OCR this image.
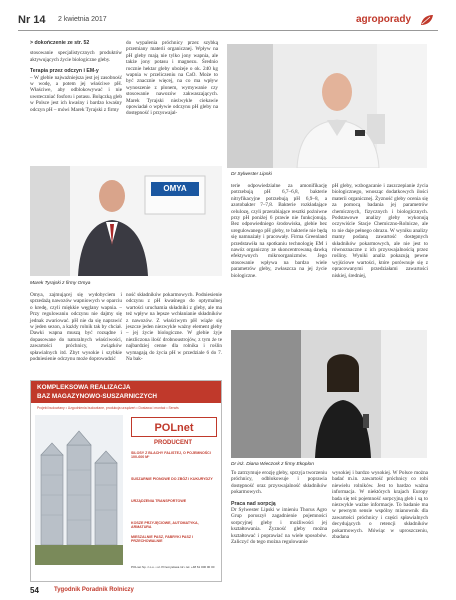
Nr 14 2 kwietnia 2017	agroporady

> dokończenie ze str. 52

stosowanie specjalistycznych produktów aktywujących życie biologiczne gleby.

Terapia przez odczyn i EM-y

– W glebie najważniejsza jest jej zasobność w wodę, a potem jej właściwe pH. Właściwe, aby odblokowywać i nie uwsteczniać fosforu i potasu. Bolączką gleb w Polsce jest ich kwaśny i bardzo kwaśny odczyn pH – mówi Marek Tyrajski z firmy

do wypalenia próchnicy przez szybką przemiany materii organicznej. Wpływ na pH gleby mają nie tylko jony wapnia, ale także jony potasu i magnezu. Średnio rocznie hektar gleby ubożeje o ok. 240 kg wapnia w przeliczeniu na CaO. Może to być znacznie więcej, na co ma wpływ wynoszenie z plonem, wymywanie czy stosowanie nawozów zakwaszających. Marek Tyrajski nieźwykle ciekawie opowiadał o wpływie odczynu pH gleby na dostępność i przyswajal-

Dr Sylwester Lipski
OMYA
Marek Tyrajski z firmy Omya

terie odpowiedzialne za amonifikację potrzebują pH 6,7–6,8, bakterie nitryfikacyjne potrzebują pH 6,9–8, a azotobakter 7–7,8. Bakterie rozkładające celulozę, czyli przerabiające resztki pożniwne przy pH poniżej 6 prawie nie funkcjonują. Bez odpowiedniego środowiska, glebie bez uregulowanego pH gleby, te bakterie nie będą się namnażały i pracowały. Firma Greenland przedstawiła na spotkaniu technologię EM i nawóz organiczny ze skoncentrowaną dawką efektywnych mikroorganizmów. Jego stosowanie wpływa na bardzo wiele parametrów gleby, zwłaszcza na jej życie biologiczne.

pH gleby, wzbogacanie i zaszczepianie życia biologicznego, wnosząc dodatkowych ilości materii organicznej. Żyzność gleby ocenia się za pomocą badania jej parametrów chemicznych, fizycznych i biologicznych. Podstawowe analizy gleby wykonują oczywiście Stacje Chemiczno-Rolnicze, ale to nie daje pełnego obrazu. W wyniku analizy mamy podaną zawartość dostępnych składników pokarmowych, ale nie jest to równoznaczne z ich przyswajalnością przez rośliny. Wyniki analiz pokazują pewne wyjściowe wartości, które porównuje się z opracowanymi przedziałami zawartości niskiej, średniej,

Omya, zajmującej się wydobyciem i sprzedażą nawozów wapniowych w oparciu o kredę, czyli miękkie węglany wapnia. – Przy regulowaniu odczynu nie dajmy się jednak zwariować. pH nie da się naprawić w jeden sezon, a każdy rolnik tak by chciał. Dawki wapna muszą być rozsądne i dopasowane do naturalnych właściwości, zawartości próchnicy, związków spławialnych itd. Zbyt wysokie i szybkie podniesienie odczynu może doprowadzić

ność składników pokarmowych. Podniesienie odczynu z pH kwaśnego do optymalnej wartości uruchamia składniki z gleby, ale ma też wpływ na lepsze wchłanianie składników z nawozów. Z właściwym pH wiąże się jeszcze jeden niezwykle ważny element gleby – jej życie biologiczne. W glebie żyje niezliczona ilość drobnoustrojów, z tym że te najbardziej cenne dla rolnika i roślin wymagają do życia pH w przedziale 6 do 7. Na bak-

Dr inż. Diana Wieczork z firmy Ekoplon
KOMPLEKSOWA REALIZACJA
BAZ MAGAZYNOWO-SUSZARNICZYCH
Projekt budowlany • Uzgodnienia budowlane, produkcja urządzeń • Dostawa i montaż • Serwis
POLnet
PRODUCENT
SILOSY Z BLACHY FALISTEJ, O POJEMNOŚCI 100-600 M³
SUSZARNIE PIONOWE DO ZBÓŻ I KUKURYDZY
URZĄDZENIA TRANSPORTOWE
KOSZE PRZYJĘCIOWE, AUTOMATYKA, ARMATURA
MIESZALNIE PASZ, FABRYKI PASZ I PRZECHOWALNIE
POLnet Sp. z o.o. • ul. Przemysłowa 12 • tel. +48 61 000 00 00

To zatrzymuje erozję gleby, sprzyja tworzeniu próchnicy, odblokowuje i poprawia dostępność oraz przyswajalność składników pokarmowych.

Praca nad sorpcją

Dr Sylwester Lipski w imieniu Thorus Agro Grup poruszył zagadnienie pojemności sorpcyjnej gleby i możliwości jej kształtowania. Żyzność gleby można kształtować i poprawiać na wiele sposobów. Zaliczyć do tego można regulowanie

wysokiej i bardzo wysokiej. W Polsce można badać m.in. zawartość próchnicy co robi niewielu rolników. Jest to bardzo ważna informacja. W niektórych krajach Europy bada się też pojemność sorpcyjną gleb i są to niezwykle ważne informacje. To badanie ma w pewnym sensie wspólny mianownik dla zawartości próchnicy i części spławialnych decydujących o retencji składników pokarmowych. Mówiąc w uproszczeniu, zbadana

54	Tygodnik Poradnik Rolniczy
